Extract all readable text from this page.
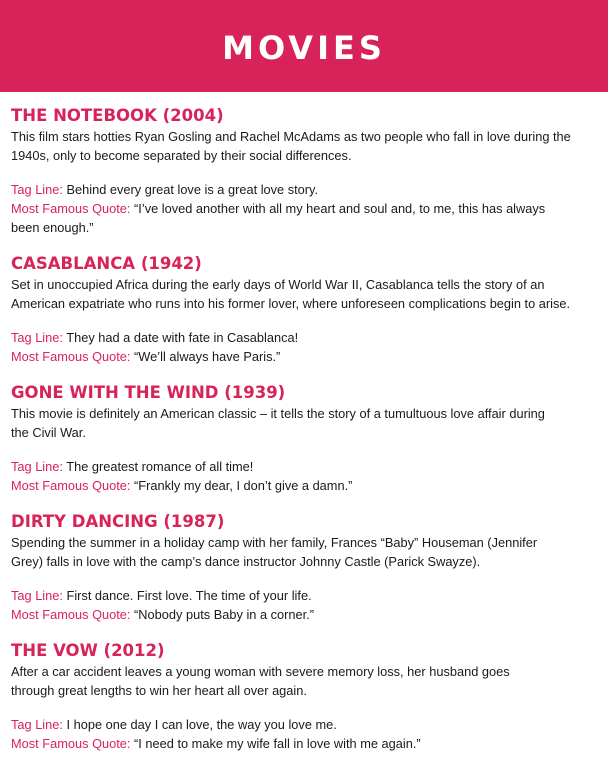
MOVIES
THE NOTEBOOK (2004)

This film stars hotties Ryan Gosling and Rachel McAdams as two people who fall in love during the 1940s, only to become separated by their social differences.

Tag Line: Behind every great love is a great love story.

Most Famous Quote: “I’ve loved another with all my heart and soul and, to me, this has always been enough.”

CASABLANCA (1942)

Set in unoccupied Africa during the early days of World War II, Casablanca tells the story of an American expatriate who runs into his former lover, where unforeseen complications begin to arise.

Tag Line: They had a date with fate in Casablanca!

Most Famous Quote: “We’ll always have Paris.”

GONE WITH THE WIND (1939)

This movie is definitely an American classic – it tells the story of a tumultuous love affair during the Civil War.

Tag Line: The greatest romance of all time!

Most Famous Quote: “Frankly my dear, I don’t give a damn.”

DIRTY DANCING (1987)

Spending the summer in a holiday camp with her family, Frances “Baby” Houseman (Jennifer Grey) falls in love with the camp’s dance instructor Johnny Castle (Parick Swayze).

Tag Line: First dance. First love. The time of your life.

Most Famous Quote: “Nobody puts Baby in a corner.”

THE VOW (2012)

After a car accident leaves a young woman with severe memory loss, her husband goes through great lengths to win her heart all over again.

Tag Line: I hope one day I can love, the way you love me.

Most Famous Quote: “I need to make my wife fall in love with me again.”
